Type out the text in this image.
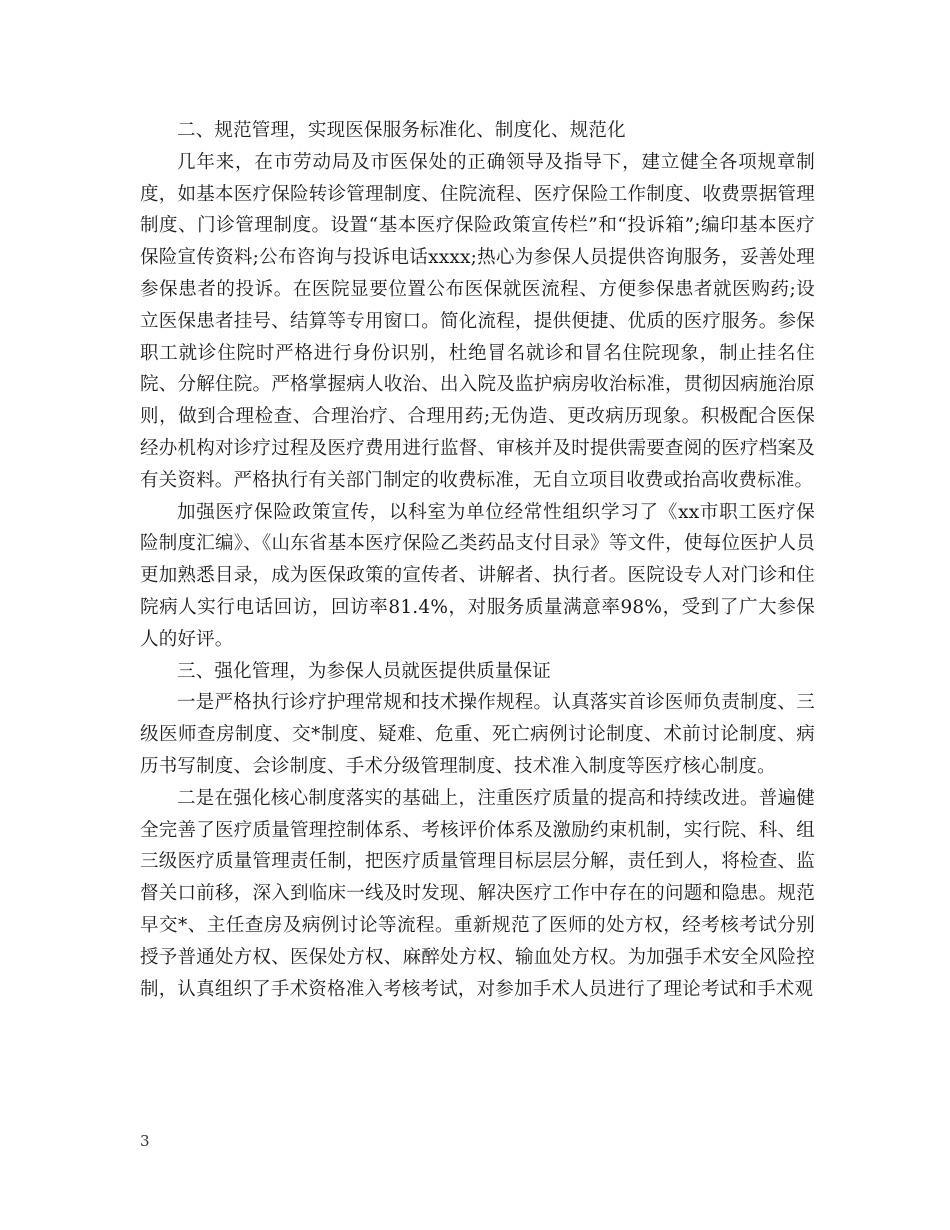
二、规范管理，实现医保服务标准化、制度化、规范化

几年来，在市劳动局及市医保处的正确领导及指导下，建立健全各项规章制度，如基本医疗保险转诊管理制度、住院流程、医疗保险工作制度、收费票据管理制度、门诊管理制度。设置“基本医疗保险政策宣传栏”和“投诉箱”;编印基本医疗保险宣传资料;公布咨询与投诉电话xxxx;热心为参保人员提供咨询服务，妥善处理参保患者的投诉。在医院显要位置公布医保就医流程、方便参保患者就医购药;设立医保患者挂号、结算等专用窗口。简化流程，提供便捷、优质的医疗服务。参保职工就诊住院时严格进行身份识别，杜绝冒名就诊和冒名住院现象，制止挂名住院、分解住院。严格掌握病人收治、出入院及监护病房收治标准，贯彻因病施治原则，做到合理检查、合理治疗、合理用药;无伪造、更改病历现象。积极配合医保经办机构对诊疗过程及医疗费用进行监督、审核并及时提供需要查阅的医疗档案及有关资料。严格执行有关部门制定的收费标准，无自立项目收费或抬高收费标准。

加强医疗保险政策宣传，以科室为单位经常性组织学习了《xx市职工医疗保险制度汇编》、《山东省基本医疗保险乙类药品支付目录》等文件，使每位医护人员更加熟悉目录，成为医保政策的宣传者、讲解者、执行者。医院设专人对门诊和住院病人实行电话回访，回访率81.4%，对服务质量满意率98%，受到了广大参保人的好评。

三、强化管理，为参保人员就医提供质量保证

一是严格执行诊疗护理常规和技术操作规程。认真落实首诊医师负责制度、三级医师查房制度、交*制度、疑难、危重、死亡病例讨论制度、术前讨论制度、病历书写制度、会诊制度、手术分级管理制度、技术准入制度等医疗核心制度。

二是在强化核心制度落实的基础上，注重医疗质量的提高和持续改进。普遍健全完善了医疗质量管理控制体系、考核评价体系及激励约束机制，实行院、科、组三级医疗质量管理责任制，把医疗质量管理目标层层分解，责任到人，将检查、监督关口前移，深入到临床一线及时发现、解决医疗工作中存在的问题和隐患。规范早交*、主任查房及病例讨论等流程。重新规范了医师的处方权，经考核考试分别授予普通处方权、医保处方权、麻醉处方权、输血处方权。为加强手术安全风险控制，认真组织了手术资格准入考核考试，对参加手术人员进行了理论考试和手术观

3
